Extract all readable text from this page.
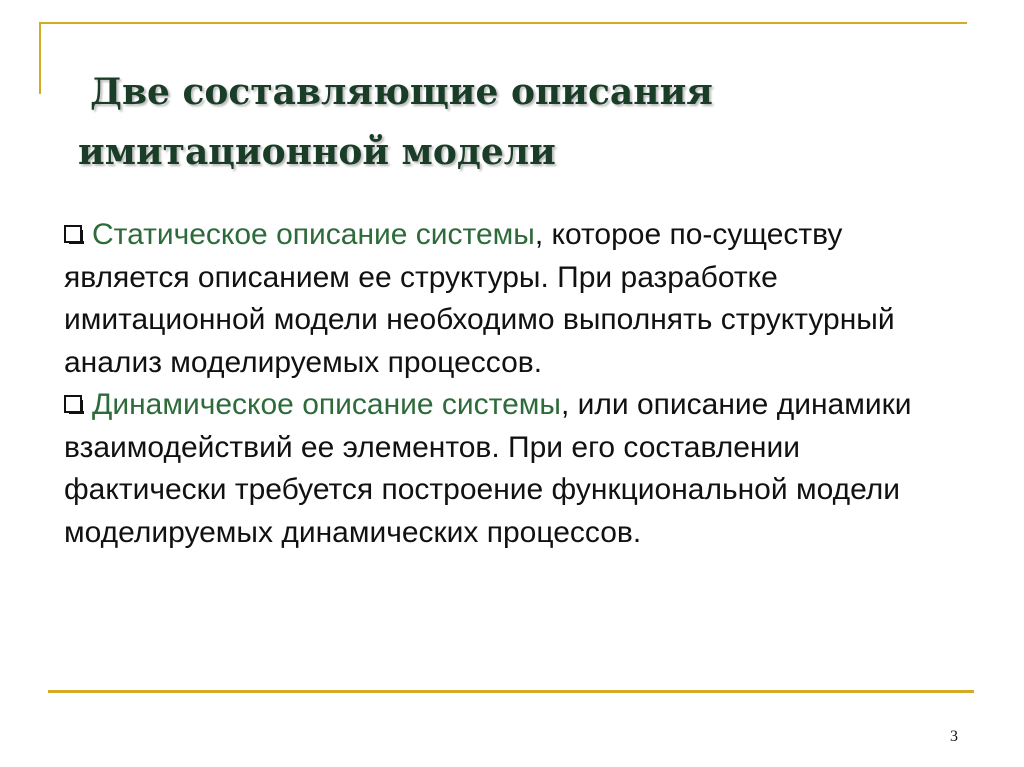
Две составляющие описания
имитационной модели

Статическое описание системы, которое по-существу является описанием ее структуры. При разработке имитационной модели необходимо выполнять структурный анализ моделируемых процессов.

Динамическое описание системы, или описание динамики взаимодействий ее элементов. При его составлении фактически требуется построение функциональной модели моделируемых динамических процессов.

3
